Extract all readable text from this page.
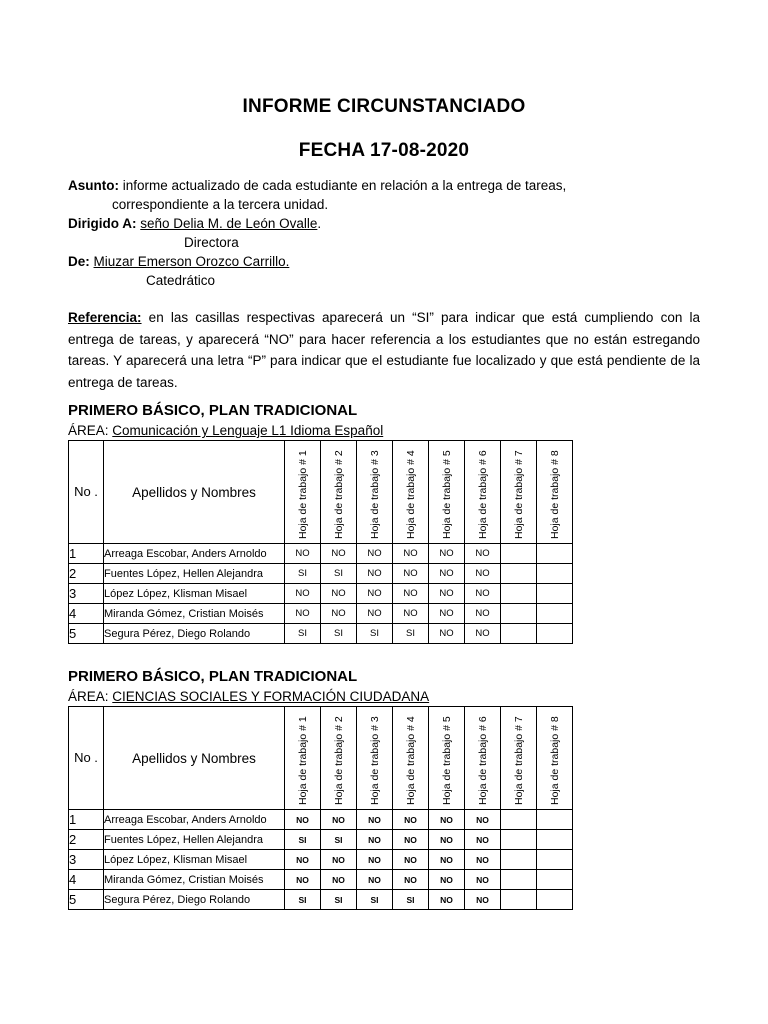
INFORME CIRCUNSTANCIADO
FECHA 17-08-2020
Asunto: informe actualizado de cada estudiante en relación a la entrega de tareas,
correspondiente a la tercera unidad.
Dirigido A: seño Delia M. de León Ovalle.
Directora
De: Miuzar Emerson Orozco Carrillo.
Catedrático
Referencia: en las casillas respectivas aparecerá un “SI” para indicar que está cumpliendo con la entrega de tareas, y aparecerá “NO” para hacer referencia a los estudiantes que no están estregando tareas. Y aparecerá una letra “P” para indicar que el estudiante fue localizado y que está pendiente de la entrega de tareas.
PRIMERO BÁSICO, PLAN TRADICIONAL
ÁREA: Comunicación y Lenguaje L1 Idioma Español
No .	Apellidos y Nombres	Hoja de trabajo # 1	Hoja de trabajo # 2	Hoja de trabajo # 3	Hoja de trabajo # 4	Hoja de trabajo # 5	Hoja de trabajo # 6	Hoja de trabajo # 7	Hoja de trabajo # 8

1	Arreaga Escobar, Anders Arnoldo	NO	NO	NO	NO	NO	NO		
2	Fuentes López, Hellen Alejandra	SI	SI	NO	NO	NO	NO		
3	López López, Klisman Misael	NO	NO	NO	NO	NO	NO		
4	Miranda Gómez, Cristian Moisés	NO	NO	NO	NO	NO	NO		
5	Segura Pérez, Diego Rolando	SI	SI	SI	SI	NO	NO		
PRIMERO BÁSICO, PLAN TRADICIONAL
ÁREA: CIENCIAS SOCIALES Y FORMACIÓN CIUDADANA
No .	Apellidos y Nombres	Hoja de trabajo # 1	Hoja de trabajo # 2	Hoja de trabajo # 3	Hoja de trabajo # 4	Hoja de trabajo # 5	Hoja de trabajo # 6	Hoja de trabajo # 7	Hoja de trabajo # 8

1	Arreaga Escobar, Anders Arnoldo	NO	NO	NO	NO	NO	NO		
2	Fuentes López, Hellen Alejandra	SI	SI	NO	NO	NO	NO		
3	López López, Klisman Misael	NO	NO	NO	NO	NO	NO		
4	Miranda Gómez, Cristian Moisés	NO	NO	NO	NO	NO	NO		
5	Segura Pérez, Diego Rolando	SI	SI	SI	SI	NO	NO		
